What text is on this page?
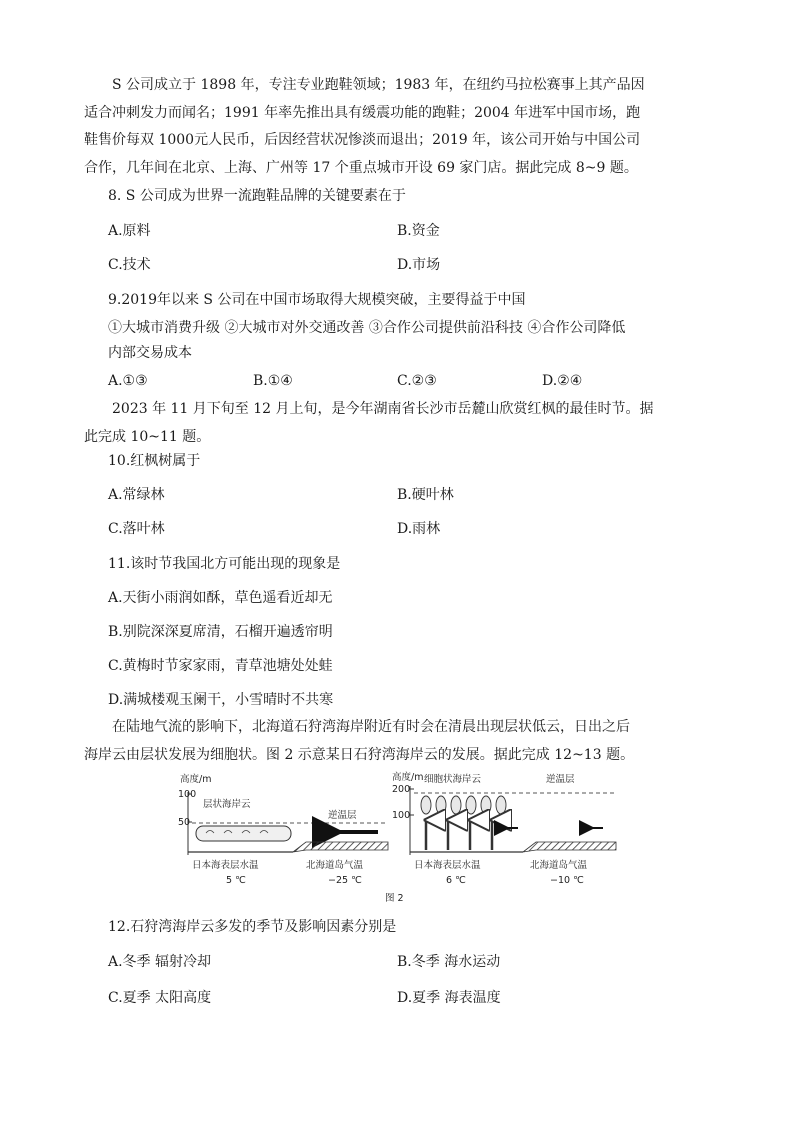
S 公司成立于 1898 年，专注专业跑鞋领域；1983 年，在纽约马拉松赛事上其产品因
适合冲刺发力而闻名；1991 年率先推出具有缓震功能的跑鞋；2004 年进军中国市场，跑
鞋售价每双 1000元人民币，后因经营状况惨淡而退出；2019 年，该公司开始与中国公司
合作，几年间在北京、上海、广州等 17 个重点城市开设 69 家门店。据此完成 8~9 题。
8. S 公司成为世界一流跑鞋品牌的关键要素在于
A.原料	B.资金
C.技术	D.市场
9.2019年以来 S 公司在中国市场取得大规模突破，主要得益于中国
①大城市消费升级 ②大城市对外交通改善 ③合作公司提供前沿科技 ④合作公司降低
内部交易成本
A.①③	B.①④	C.②③	D.②④
2023 年 11 月下旬至 12 月上旬，是今年湖南省长沙市岳麓山欣赏红枫的最佳时节。据
此完成 10~11 题。
10.红枫树属于
A.常绿林	B.硬叶林
C.落叶林	D.雨林
11.该时节我国北方可能出现的现象是
A.天街小雨润如酥，草色遥看近却无
B.别院深深夏席清，石榴开遍透帘明
C.黄梅时节家家雨，青草池塘处处蛙
D.满城楼观玉阑干，小雪晴时不共寒
在陆地气流的影响下，北海道石狩湾海岸附近有时会在清晨出现层状低云，日出之后
海岸云由层状发展为细胞状。图 2 示意某日石狩湾海岸云的发展。据此完成 12~13 题。
高度/m
100
50
逆温层
层状海岸云
日本海表层水温
5 ℃
北海道岛气温
−25 ℃
高度/m
200
100
细胞状海岸云	逆温层
日本海表层水温
6 ℃
北海道岛气温
−10 ℃
图 2
12.石狩湾海岸云多发的季节及影响因素分别是
A.冬季 辐射冷却	B.冬季 海水运动
C.夏季 太阳高度	D.夏季 海表温度
